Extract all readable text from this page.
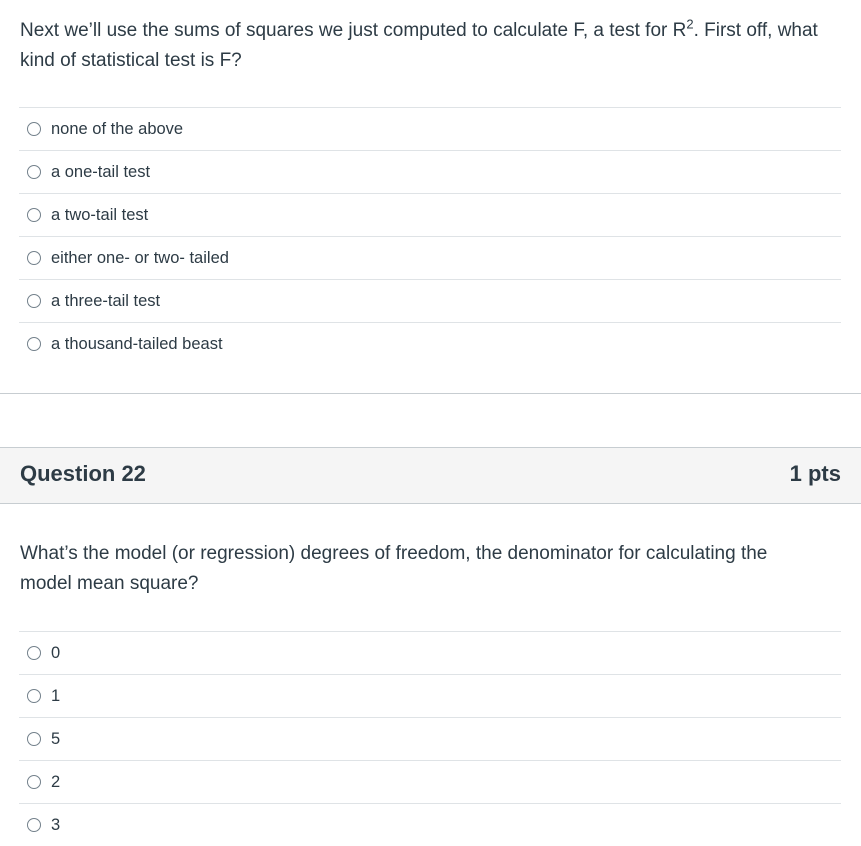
Next we’ll use the sums of squares we just computed to calculate F, a test for $R^2$. First off, what kind of statistical test is F?
none of the above
a one-tail test
a two-tail test
either one- or two- tailed
a three-tail test
a thousand-tailed beast
Question 22	1 pts
What’s the model (or regression) degrees of freedom, the denominator for calculating the model mean square?
0
1
5
2
3
